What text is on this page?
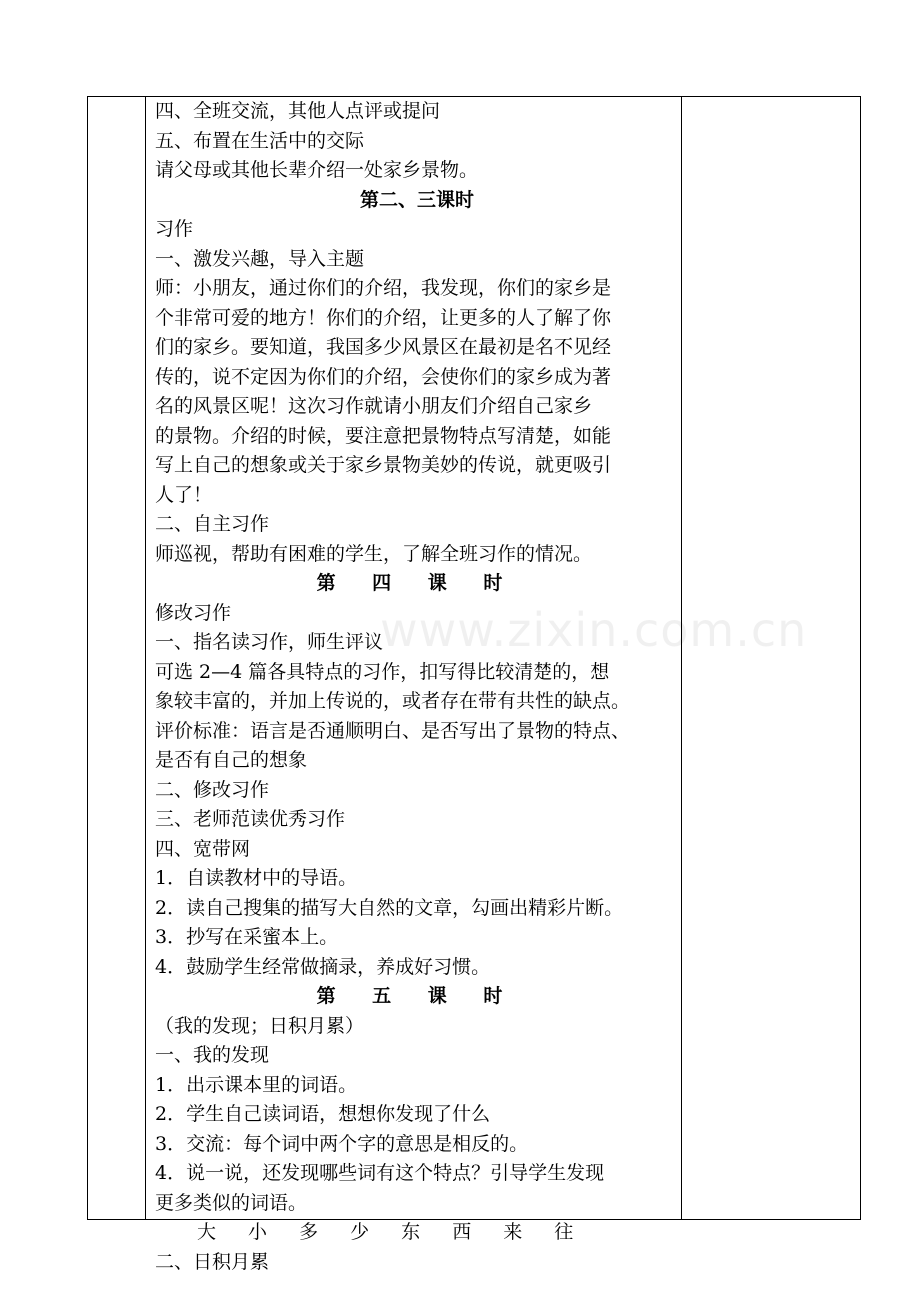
www.zixin.com.cn
四、全班交流，其他人点评或提问
五、布置在生活中的交际
请父母或其他长辈介绍一处家乡景物。
第二、三课时
习作
一、激发兴趣，导入主题
师：小朋友，通过你们的介绍，我发现，你们的家乡是
个非常可爱的地方！你们的介绍，让更多的人了解了你
们的家乡。要知道，我国多少风景区在最初是名不见经
传的，说不定因为你们的介绍，会使你们的家乡成为著
名的风景区呢！这次习作就请小朋友们介绍自己家乡
的景物。介绍的时候，要注意把景物特点写清楚，如能
写上自己的想象或关于家乡景物美妙的传说，就更吸引
人了！
二、自主习作
师巡视，帮助有困难的学生，了解全班习作的情况。
第 四 课 时
修改习作
一、指名读习作，师生评议
可选 2—4 篇各具特点的习作，扣写得比较清楚的，想
象较丰富的，并加上传说的，或者存在带有共性的缺点。
评价标准：语言是否通顺明白、是否写出了景物的特点、
是否有自己的想象
二、修改习作
三、老师范读优秀习作
四、宽带网
1．自读教材中的导语。
2．读自己搜集的描写大自然的文章，勾画出精彩片断。
3．抄写在采蜜本上。
4．鼓励学生经常做摘录，养成好习惯。
第 五 课 时
（我的发现；日积月累）
一、我的发现
1．出示课本里的词语。
2．学生自己读词语，想想你发现了什么
3．交流：每个词中两个字的意思是相反的。
4．说一说，还发现哪些词有这个特点？引导学生发现
更多类似的词语。
大 小 多 少 东 西 来 往
二、日积月累
